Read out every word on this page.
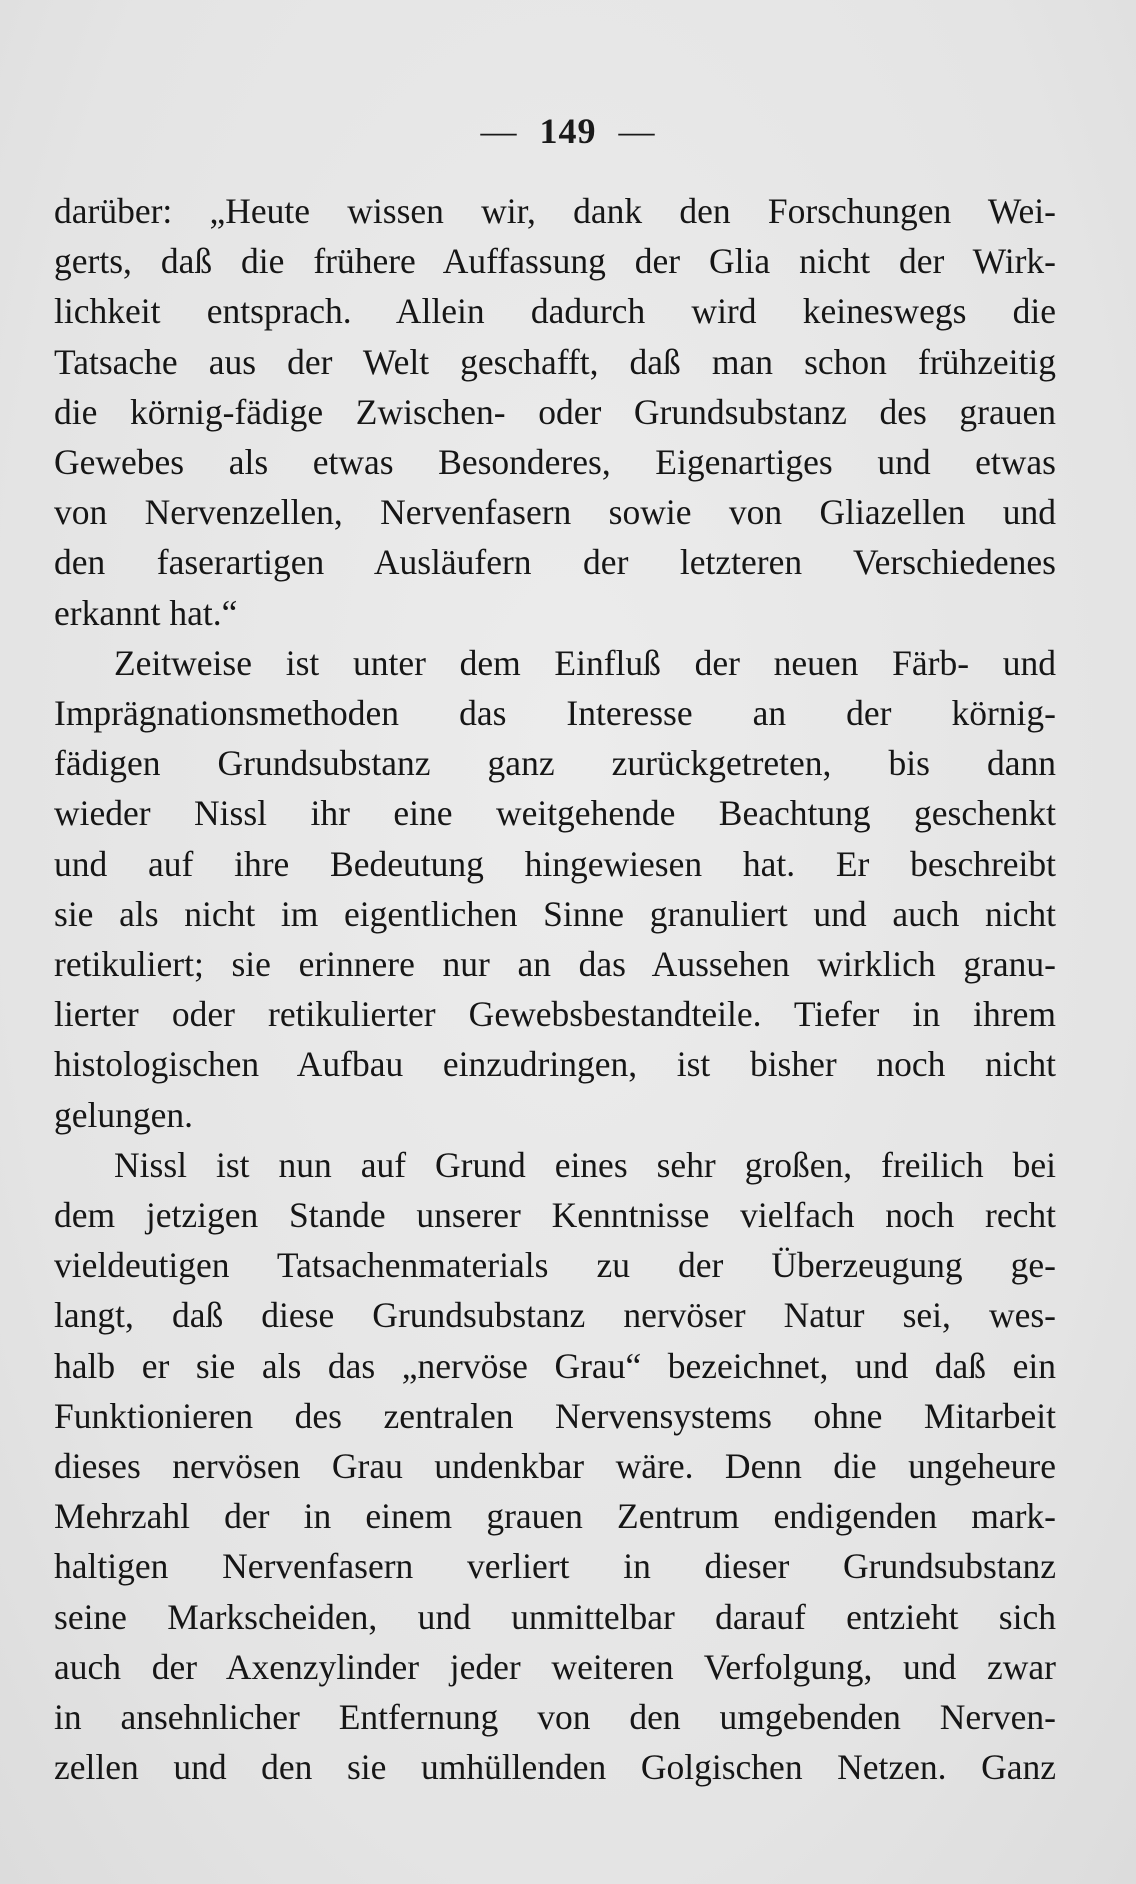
— 149 —

darüber: „Heute wissen wir, dank den Forschungen Wei-
gerts, daß die frühere Auffassung der Glia nicht der Wirk-
lichkeit entsprach. Allein dadurch wird keineswegs die
Tatsache aus der Welt geschafft, daß man schon frühzeitig
die körnig-fädige Zwischen- oder Grundsubstanz des grauen
Gewebes als etwas Besonderes, Eigenartiges und etwas
von Nervenzellen, Nervenfasern sowie von Gliazellen und
den faserartigen Ausläufern der letzteren Verschiedenes
erkannt hat.“

Zeitweise ist unter dem Einfluß der neuen Färb- und
Imprägnationsmethoden das Interesse an der körnig-
fädigen Grundsubstanz ganz zurückgetreten, bis dann
wieder Nissl ihr eine weitgehende Beachtung geschenkt
und auf ihre Bedeutung hingewiesen hat. Er beschreibt
sie als nicht im eigentlichen Sinne granuliert und auch nicht
retikuliert; sie erinnere nur an das Aussehen wirklich granu-
lierter oder retikulierter Gewebsbestandteile. Tiefer in ihrem
histologischen Aufbau einzudringen, ist bisher noch nicht
gelungen.

Nissl ist nun auf Grund eines sehr großen, freilich bei
dem jetzigen Stande unserer Kenntnisse vielfach noch recht
vieldeutigen Tatsachenmaterials zu der Überzeugung ge-
langt, daß diese Grundsubstanz nervöser Natur sei, wes-
halb er sie als das „nervöse Grau“ bezeichnet, und daß ein
Funktionieren des zentralen Nervensystems ohne Mitarbeit
dieses nervösen Grau undenkbar wäre. Denn die ungeheure
Mehrzahl der in einem grauen Zentrum endigenden mark-
haltigen Nervenfasern verliert in dieser Grundsubstanz
seine Markscheiden, und unmittelbar darauf entzieht sich
auch der Axenzylinder jeder weiteren Verfolgung, und zwar
in ansehnlicher Entfernung von den umgebenden Nerven-
zellen und den sie umhüllenden Golgischen Netzen. Ganz
